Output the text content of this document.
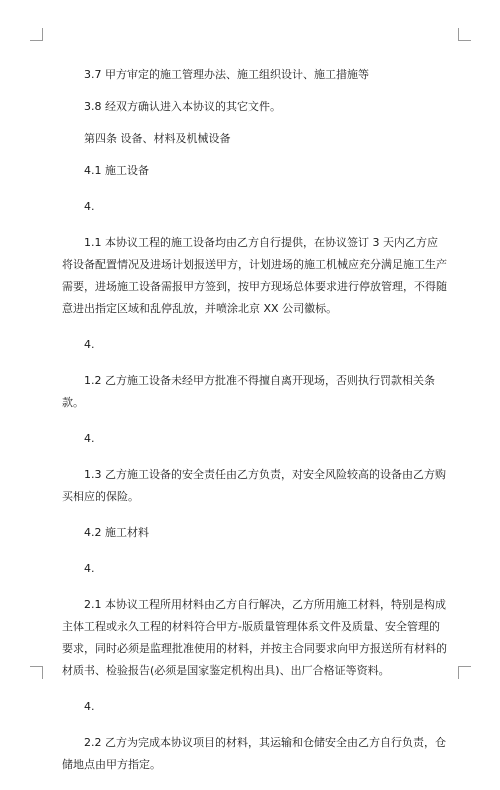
3.7 甲方审定的施工管理办法、施工组织设计、施工措施等

3.8 经双方确认进入本协议的其它文件。

第四条 设备、材料及机械设备

4.1 施工设备

4.

1.1 本协议工程的施工设备均由乙方自行提供，在协议签订 3 天内乙方应将设备配置情况及进场计划报送甲方，计划进场的施工机械应充分满足施工生产需要，进场施工设备需报甲方签到，按甲方现场总体要求进行停放管理，不得随意进出指定区域和乱停乱放，并喷涂北京 XX 公司徽标。

4.

1.2 乙方施工设备未经甲方批准不得擅自离开现场，否则执行罚款相关条款。

4.

1.3 乙方施工设备的安全责任由乙方负责，对安全风险较高的设备由乙方购买相应的保险。

4.2 施工材料

4.

2.1 本协议工程所用材料由乙方自行解决，乙方所用施工材料，特别是构成主体工程或永久工程的材料符合甲方-版质量管理体系文件及质量、安全管理的要求，同时必须是监理批准使用的材料，并按主合同要求向甲方报送所有材料的材质书、检验报告(必须是国家鉴定机构出具)、出厂合格证等资料。

4.

2.2 乙方为完成本协议项目的材料，其运输和仓储安全由乙方自行负责，仓储地点由甲方指定。
